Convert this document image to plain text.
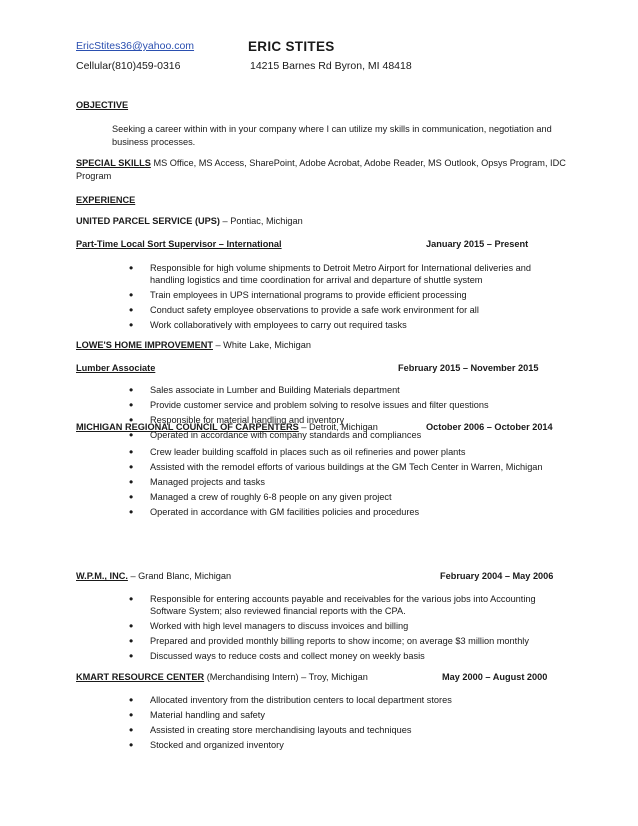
EricStites36@yahoo.com	ERIC STITES
Cellular(810)459-0316	14215 Barnes Rd Byron, MI 48418
OBJECTIVE
Seeking a career within with in your company where I can utilize my skills in communication, negotiation and business processes.
SPECIAL SKILLS MS Office, MS Access, SharePoint, Adobe Acrobat, Adobe Reader, MS Outlook, Opsys Program, IDC Program
EXPERIENCE
UNITED PARCEL SERVICE (UPS) – Pontiac, Michigan
Part-Time Local Sort Supervisor – International	January 2015 – Present
• Responsible for high volume shipments to Detroit Metro Airport for International deliveries and handling logistics and time coordination for arrival and departure of shuttle system
• Train employees in UPS international programs to provide efficient processing
• Conduct safety employee observations to provide a safe work environment for all
• Work collaboratively with employees to carry out required tasks
LOWE'S HOME IMPROVEMENT – White Lake, Michigan
Lumber Associate	February 2015 – November 2015
• Sales associate in Lumber and Building Materials department
• Provide customer service and problem solving to resolve issues and filter questions
• Responsible for material handling and inventory
• Operated in accordance with company standards and compliances
MICHIGAN REGIONAL COUNCIL OF CARPENTERS – Detroit, Michigan	October 2006 – October 2014
• Crew leader building scaffold in places such as oil refineries and power plants
• Assisted with the remodel efforts of various buildings at the GM Tech Center in Warren, Michigan
• Managed projects and tasks
• Managed a crew of roughly 6-8 people on any given project
• Operated in accordance with GM facilities policies and procedures
W.P.M., INC. – Grand Blanc, Michigan	February 2004 – May 2006
• Responsible for entering accounts payable and receivables for the various jobs into Accounting Software System; also reviewed financial reports with the CPA.
• Worked with high level managers to discuss invoices and billing
• Prepared and provided monthly billing reports to show income; on average $3 million monthly
• Discussed ways to reduce costs and collect money on weekly basis
KMART RESOURCE CENTER (Merchandising Intern) – Troy, Michigan	May 2000 – August 2000
• Allocated inventory from the distribution centers to local department stores
• Material handling and safety
• Assisted in creating store merchandising layouts and techniques
• Stocked and organized inventory
